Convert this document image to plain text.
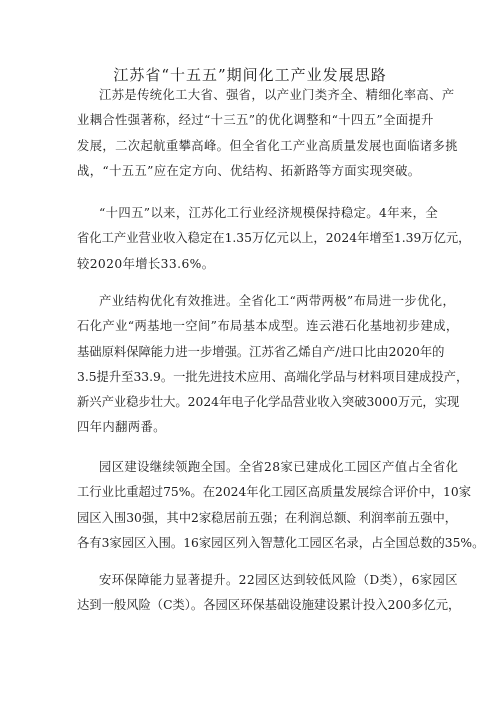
江苏省“十五五”期间化工产业发展思路

江苏是传统化工大省、强省，以产业门类齐全、精细化率高、产
业耦合性强著称，经过“十三五”的优化调整和“十四五”全面提升
发展，二次起航重攀高峰。但全省化工产业高质量发展也面临诸多挑
战，“十五五”应在定方向、优结构、拓新路等方面实现突破。

“十四五”以来，江苏化工行业经济规模保持稳定。4年来，全
省化工产业营业收入稳定在1.35万亿元以上，2024年增至1.39万亿元，
较2020年增长33.6%。

产业结构优化有效推进。全省化工“两带两极”布局进一步优化，
石化产业“两基地一空间”布局基本成型。连云港石化基地初步建成，
基础原料保障能力进一步增强。江苏省乙烯自产/进口比由2020年的
3.5提升至33.9。一批先进技术应用、高端化学品与材料项目建成投产，
新兴产业稳步壮大。2024年电子化学品营业收入突破3000万元，实现
四年内翻两番。

园区建设继续领跑全国。全省28家已建成化工园区产值占全省化
工行业比重超过75%。在2024年化工园区高质量发展综合评价中，10家
园区入围30强，其中2家稳居前五强；在利润总额、利润率前五强中，
各有3家园区入围。16家园区列入智慧化工园区名录，占全国总数的35%。

安环保障能力显著提升。22园区达到较低风险（D类），6家园区
达到一般风险（C类）。各园区环保基础设施建设累计投入200多亿元，
